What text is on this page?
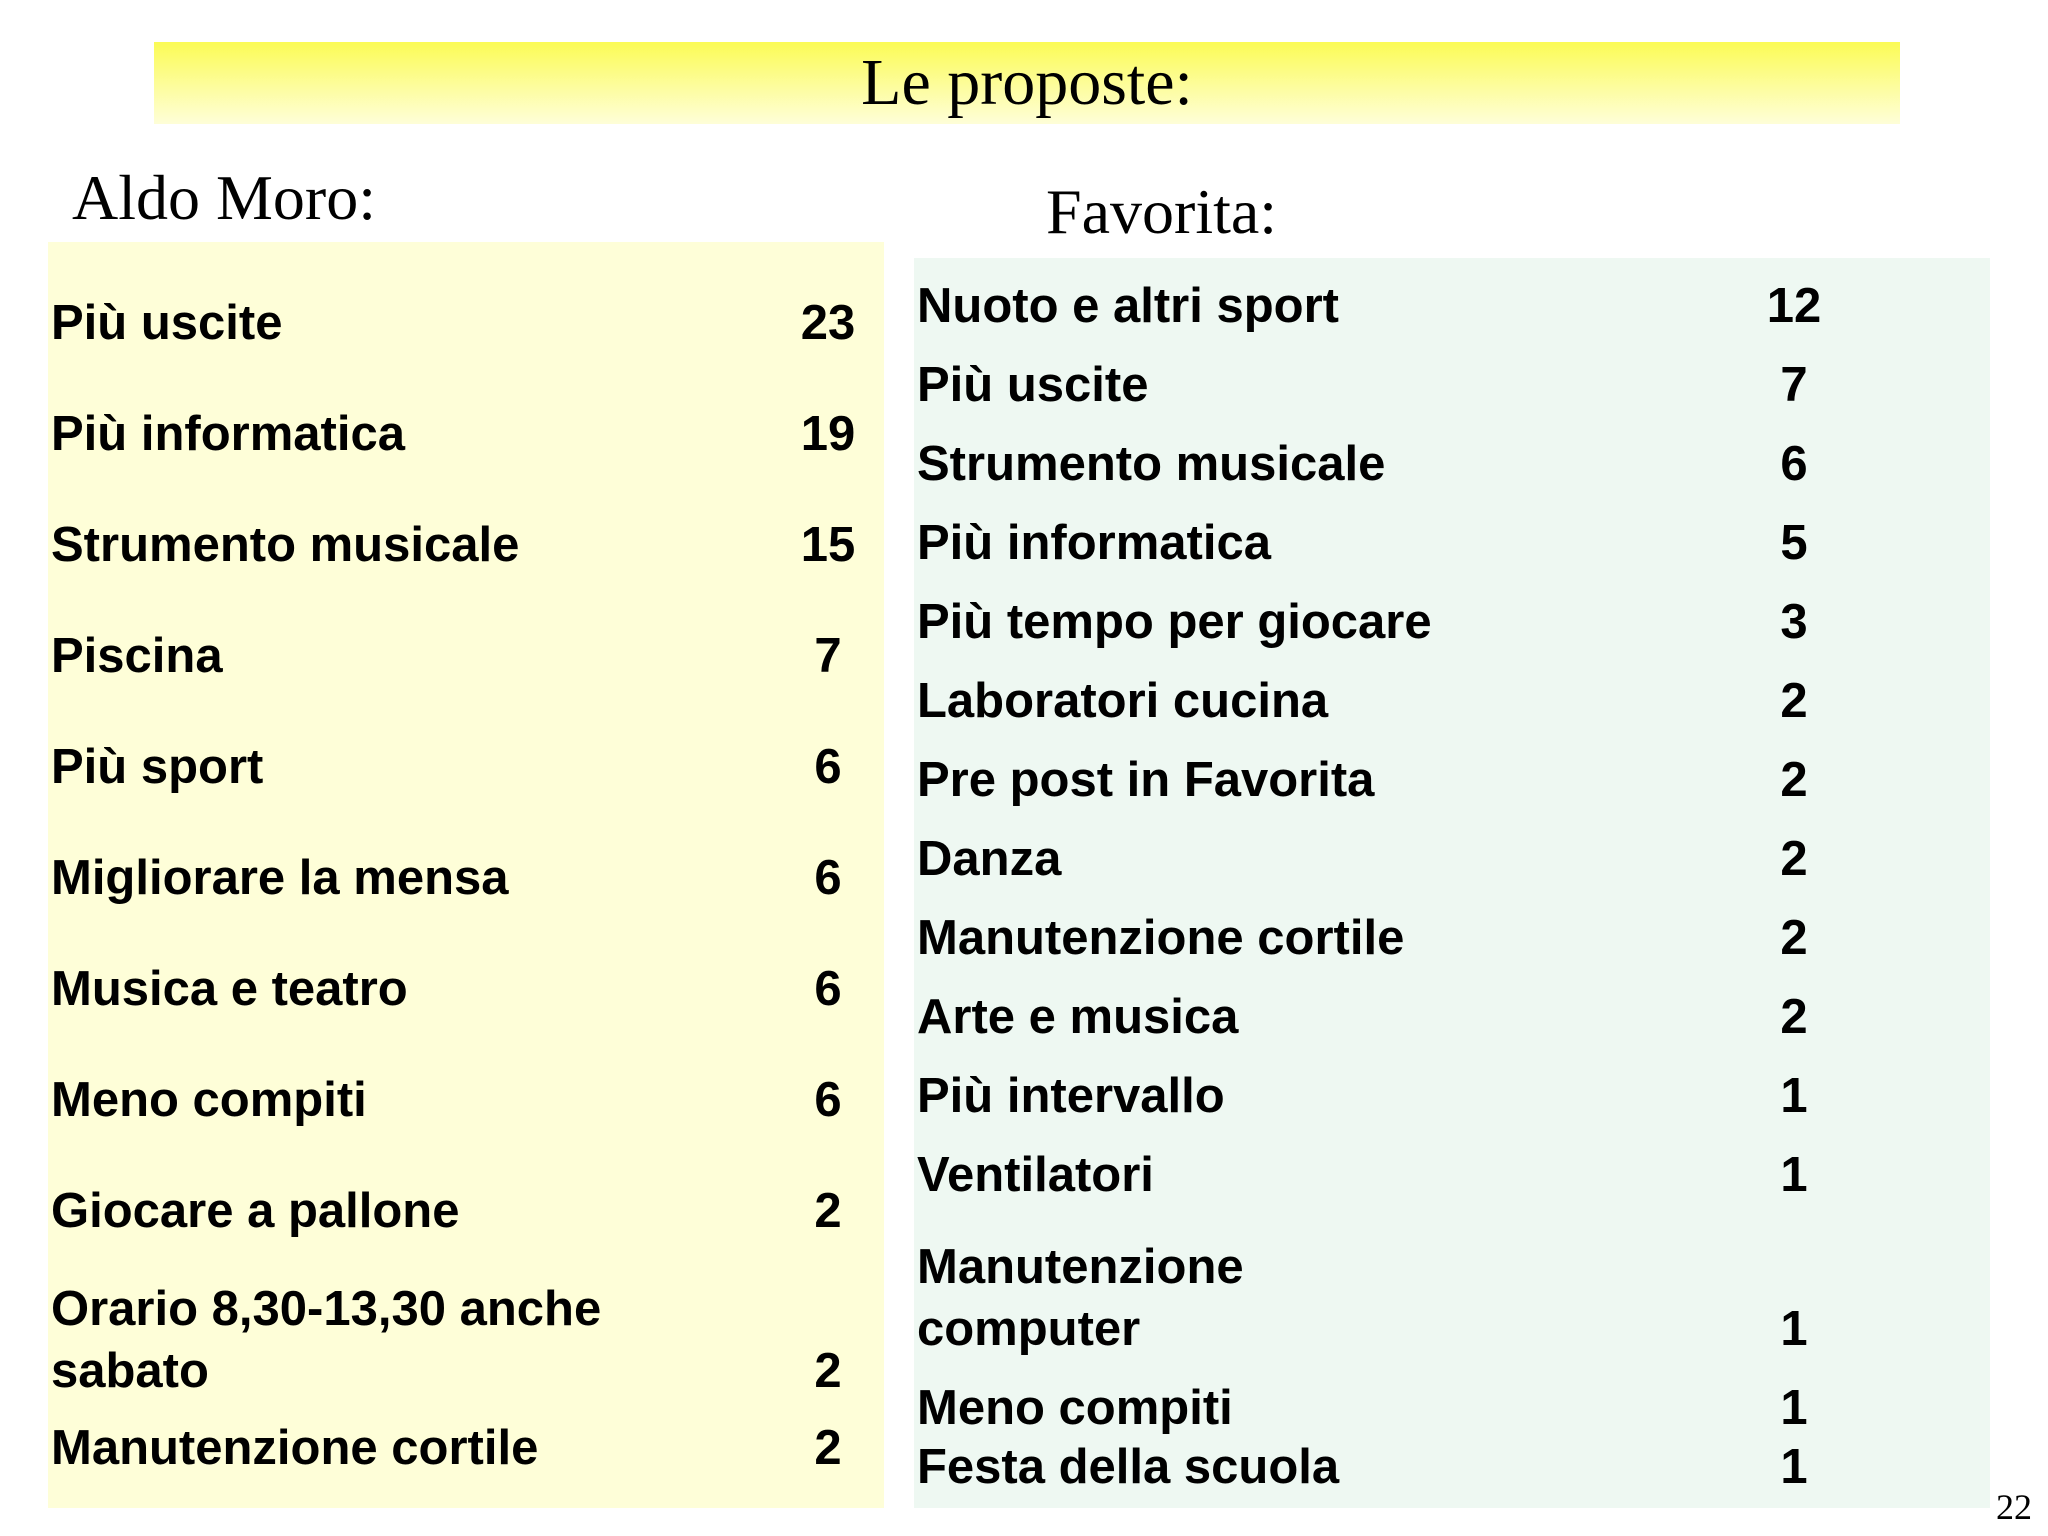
Le proposte:
Aldo Moro:	Favorita:
Più uscite	23
Più informatica	19
Strumento musicale	15
Piscina	7
Più sport	6
Migliorare la mensa	6
Musica e teatro	6
Meno compiti	6
Giocare a pallone	2
Orario 8,30-13,30 anche
sabato	2
Manutenzione cortile	2
Nuoto e altri sport	12
Più uscite	7
Strumento musicale	6
Più informatica	5
Più tempo per giocare	3
Laboratori cucina	2
Pre post in Favorita	2
Danza	2
Manutenzione cortile	2
Arte e musica	2
Più intervallo	1
Ventilatori	1
Manutenzione
computer	1
Meno compiti	1
Festa della scuola	1
22
